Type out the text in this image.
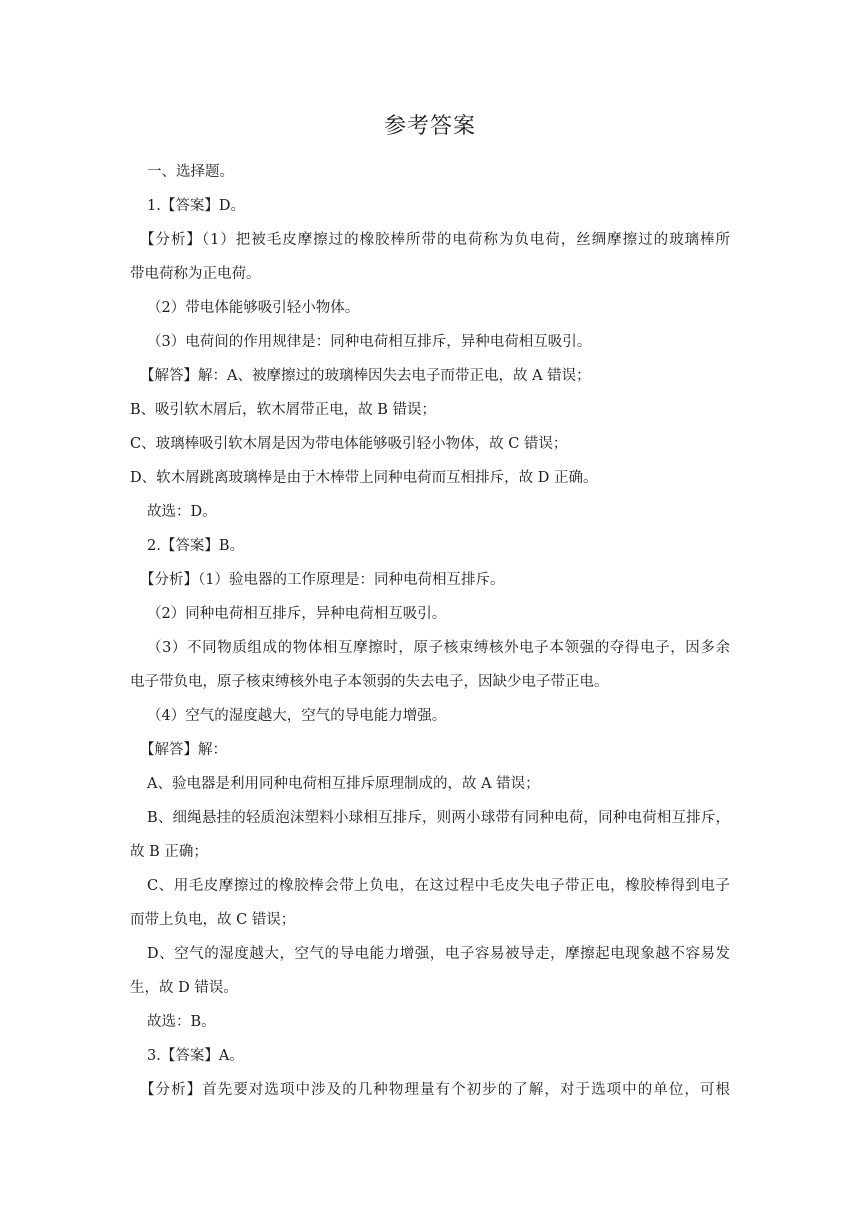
参考答案

一、选择题。

1.【答案】D。

【分析】（1）把被毛皮摩擦过的橡胶棒所带的电荷称为负电荷，丝绸摩擦过的玻璃棒所

带电荷称为正电荷。

（2）带电体能够吸引轻小物体。

（3）电荷间的作用规律是：同种电荷相互排斥，异种电荷相互吸引。

【解答】解：A、被摩擦过的玻璃棒因失去电子而带正电，故 A 错误；

B、吸引软木屑后，软木屑带正电，故 B 错误；

C、玻璃棒吸引软木屑是因为带电体能够吸引轻小物体，故 C 错误；

D、软木屑跳离玻璃棒是由于木棒带上同种电荷而互相排斥，故 D 正确。

故选：D。

2.【答案】B。

【分析】（1）验电器的工作原理是：同种电荷相互排斥。

（2）同种电荷相互排斥，异种电荷相互吸引。

（3）不同物质组成的物体相互摩擦时，原子核束缚核外电子本领强的夺得电子，因多余

电子带负电，原子核束缚核外电子本领弱的失去电子，因缺少电子带正电。

（4）空气的湿度越大，空气的导电能力增强。

【解答】解：

A、验电器是利用同种电荷相互排斥原理制成的，故 A 错误；

B、细绳悬挂的轻质泡沫塑料小球相互排斥，则两小球带有同种电荷，同种电荷相互排斥，

故 B 正确；

C、用毛皮摩擦过的橡胶棒会带上负电，在这过程中毛皮失电子带正电，橡胶棒得到电子

而带上负电，故 C 错误；

D、空气的湿度越大，空气的导电能力增强，电子容易被导走，摩擦起电现象越不容易发

生，故 D 错误。

故选：B。

3.【答案】A。

【分析】首先要对选项中涉及的几种物理量有个初步的了解，对于选项中的单位，可根
